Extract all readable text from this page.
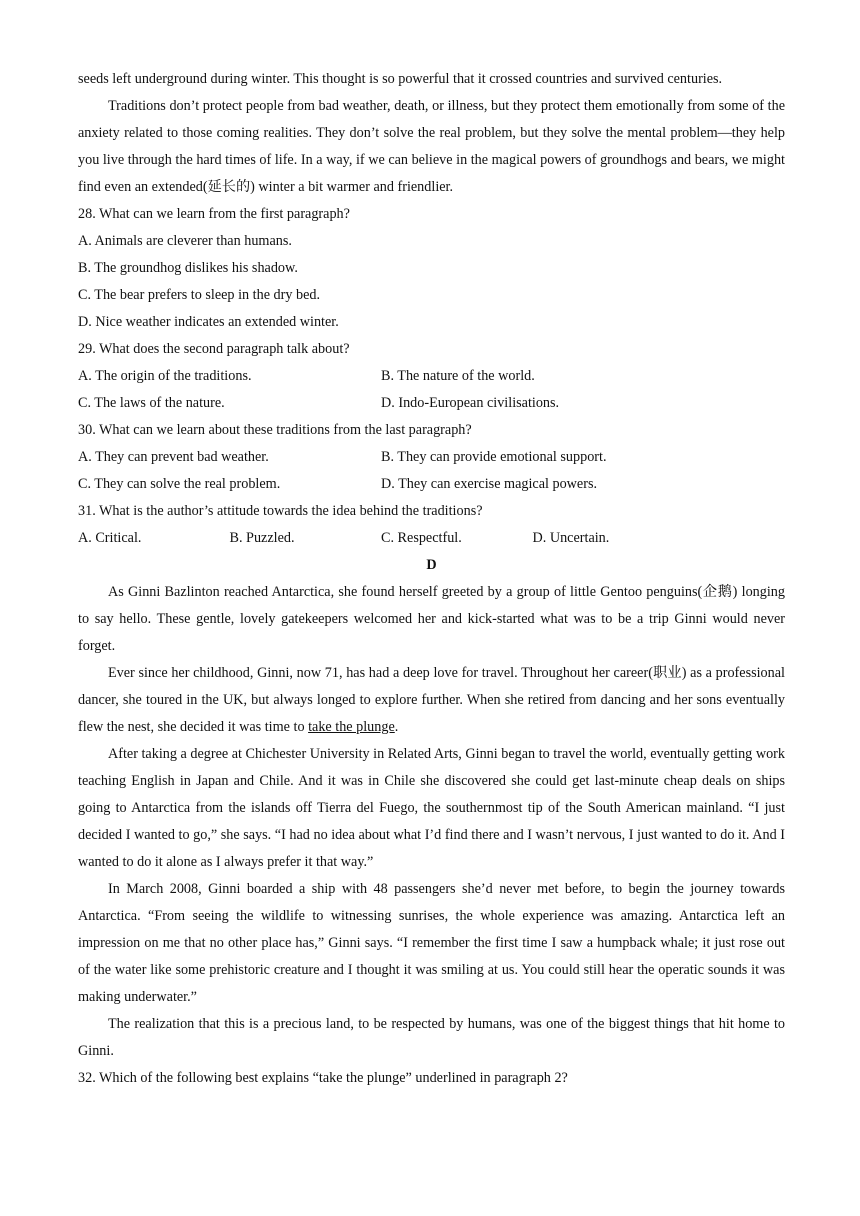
seeds left underground during winter. This thought is so powerful that it crossed countries and survived centuries.

Traditions don’t protect people from bad weather, death, or illness, but they protect them emotionally from some of the anxiety related to those coming realities. They don’t solve the real problem, but they solve the mental problem—they help you live through the hard times of life. In a way, if we can believe in the magical powers of groundhogs and bears, we might find even an extended(延长的) winter a bit warmer and friendlier.

28. What can we learn from the first paragraph?
A. Animals are cleverer than humans.
B. The groundhog dislikes his shadow.
C. The bear prefers to sleep in the dry bed.
D. Nice weather indicates an extended winter.
29. What does the second paragraph talk about?
A. The origin of the traditions.	B. The nature of the world.
C. The laws of the nature.	D. Indo-European civilisations.
30. What can we learn about these traditions from the last paragraph?
A. They can prevent bad weather.	B. They can provide emotional support.
C. They can solve the real problem.	D. They can exercise magical powers.
31. What is the author’s attitude towards the idea behind the traditions?
A. Critical.	B. Puzzled.	C. Respectful.	D. Uncertain.
D

As Ginni Bazlinton reached Antarctica, she found herself greeted by a group of little Gentoo penguins(企鹅) longing to say hello. These gentle, lovely gatekeepers welcomed her and kick-started what was to be a trip Ginni would never forget.

Ever since her childhood, Ginni, now 71, has had a deep love for travel. Throughout her career(职业) as a professional dancer, she toured in the UK, but always longed to explore further. When she retired from dancing and her sons eventually flew the nest, she decided it was time to take the plunge.

After taking a degree at Chichester University in Related Arts, Ginni began to travel the world, eventually getting work teaching English in Japan and Chile. And it was in Chile she discovered she could get last-minute cheap deals on ships going to Antarctica from the islands off Tierra del Fuego, the southernmost tip of the South American mainland. “I just decided I wanted to go,” she says. “I had no idea about what I’d find there and I wasn’t nervous, I just wanted to do it. And I wanted to do it alone as I always prefer it that way.”

In March 2008, Ginni boarded a ship with 48 passengers she’d never met before, to begin the journey towards Antarctica. “From seeing the wildlife to witnessing sunrises, the whole experience was amazing. Antarctica left an impression on me that no other place has,” Ginni says. “I remember the first time I saw a humpback whale; it just rose out of the water like some prehistoric creature and I thought it was smiling at us. You could still hear the operatic sounds it was making underwater.”

The realization that this is a precious land, to be respected by humans, was one of the biggest things that hit home to Ginni.

32. Which of the following best explains “take the plunge” underlined in paragraph 2?
